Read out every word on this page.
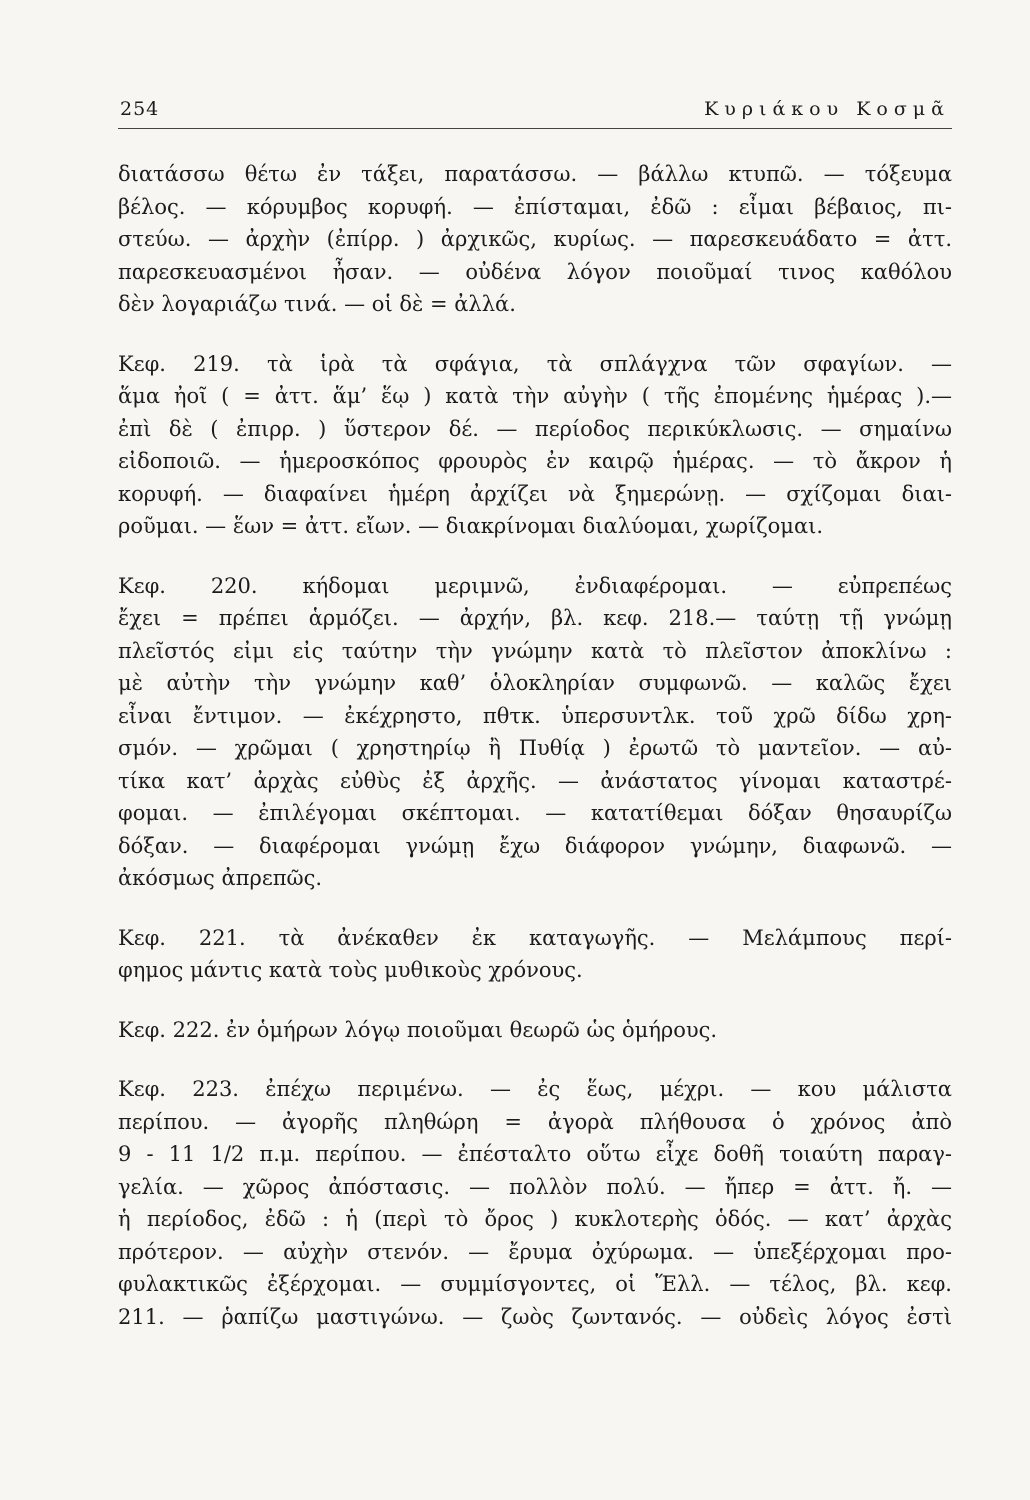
254	Κυριάκου Κοσμᾶ
διατάσσω θέτω ἐν τάξει, παρατάσσω. — βάλλω κτυπῶ. — τόξευμα
βέλος. — κόρυμβος κορυφή. — ἐπίσταμαι, ἐδῶ : εἶμαι βέβαιος, πι-
στεύω. — ἀρχὴν (ἐπίρρ. ) ἀρχικῶς, κυρίως. — παρεσκευάδατο = ἀττ.
παρεσκευασμένοι ἦσαν. — οὐδένα λόγον ποιοῦμαί τινος καθόλου
δὲν λογαριάζω τινά. — οἱ δὲ = ἀλλά.
Κεφ. 219. τὰ ἱρὰ τὰ σφάγια, τὰ σπλάγχνα τῶν σφαγίων. —
ἅμα ἠοῖ ( = ἀττ. ἅμ’ ἕῳ ) κατὰ τὴν αὐγὴν ( τῆς ἐπομένης ἡμέρας ).—
ἐπὶ δὲ ( ἐπιρρ. ) ὕστερον δέ. — περίοδος περικύκλωσις. — σημαίνω
εἰδοποιῶ. — ἡμεροσκόπος φρουρὸς ἐν καιρῷ ἡμέρας. — τὸ ἄκρον ἡ
κορυφή. — διαφαίνει ἡμέρη ἀρχίζει νὰ ξημερώνῃ. — σχίζομαι διαι-
ροῦμαι. — ἕων = ἀττ. εἴων. — διακρίνομαι διαλύομαι, χωρίζομαι.
Κεφ. 220. κήδομαι μεριμνῶ, ἐνδιαφέρομαι. — εὐπρεπέως
ἔχει = πρέπει ἁρμόζει. — ἀρχήν, βλ. κεφ. 218.— ταύτῃ τῇ γνώμῃ
πλεῖστός εἰμι εἰς ταύτην τὴν γνώμην κατὰ τὸ πλεῖστον ἀποκλίνω :
μὲ αὐτὴν τὴν γνώμην καθ’ ὁλοκληρίαν συμφωνῶ. — καλῶς ἔχει
εἶναι ἔντιμον. — ἐκέχρηστο, πθτκ. ὑπερσυντλκ. τοῦ χρῶ δίδω χρη-
σμόν. — χρῶμαι ( χρηστηρίῳ ἢ Πυθίᾳ ) ἐρωτῶ τὸ μαντεῖον. — αὐ-
τίκα κατ’ ἀρχὰς εὐθὺς ἐξ ἀρχῆς. — ἀνάστατος γίνομαι καταστρέ-
φομαι. — ἐπιλέγομαι σκέπτομαι. — κατατίθεμαι δόξαν θησαυρίζω
δόξαν. — διαφέρομαι γνώμῃ ἔχω διάφορον γνώμην, διαφωνῶ. —
ἀκόσμως ἀπρεπῶς.
Κεφ. 221. τὰ ἀνέκαθεν ἐκ καταγωγῆς. — Μελάμπους περί-
φημος μάντις κατὰ τοὺς μυθικοὺς χρόνους.
Κεφ. 222. ἐν ὁμήρων λόγῳ ποιοῦμαι θεωρῶ ὡς ὁμήρους.
Κεφ. 223. ἐπέχω περιμένω. — ἐς ἕως, μέχρι. — κου μάλιστα
περίπου. — ἀγορῆς πληθώρη = ἀγορὰ πλήθουσα ὁ χρόνος ἀπὸ
9 - 11 1/2 π.μ. περίπου. — ἐπέσταλτο οὕτω εἶχε δοθῆ τοιαύτη παραγ-
γελία. — χῶρος ἀπόστασις. — πολλὸν πολύ. — ἤπερ = ἀττ. ἤ. —
ἡ περίοδος, ἐδῶ : ἡ (περὶ τὸ ὄρος ) κυκλοτερὴς ὁδός. — κατ’ ἀρχὰς
πρότερον. — αὐχὴν στενόν. — ἔρυμα ὀχύρωμα. — ὑπεξέρχομαι προ-
φυλακτικῶς ἐξέρχομαι. — συμμίσγοντες, οἱ Ἕλλ. — τέλος, βλ. κεφ.
211. — ῥαπίζω μαστιγώνω. — ζωὸς ζωντανός. — οὐδεὶς λόγος ἐστὶ
